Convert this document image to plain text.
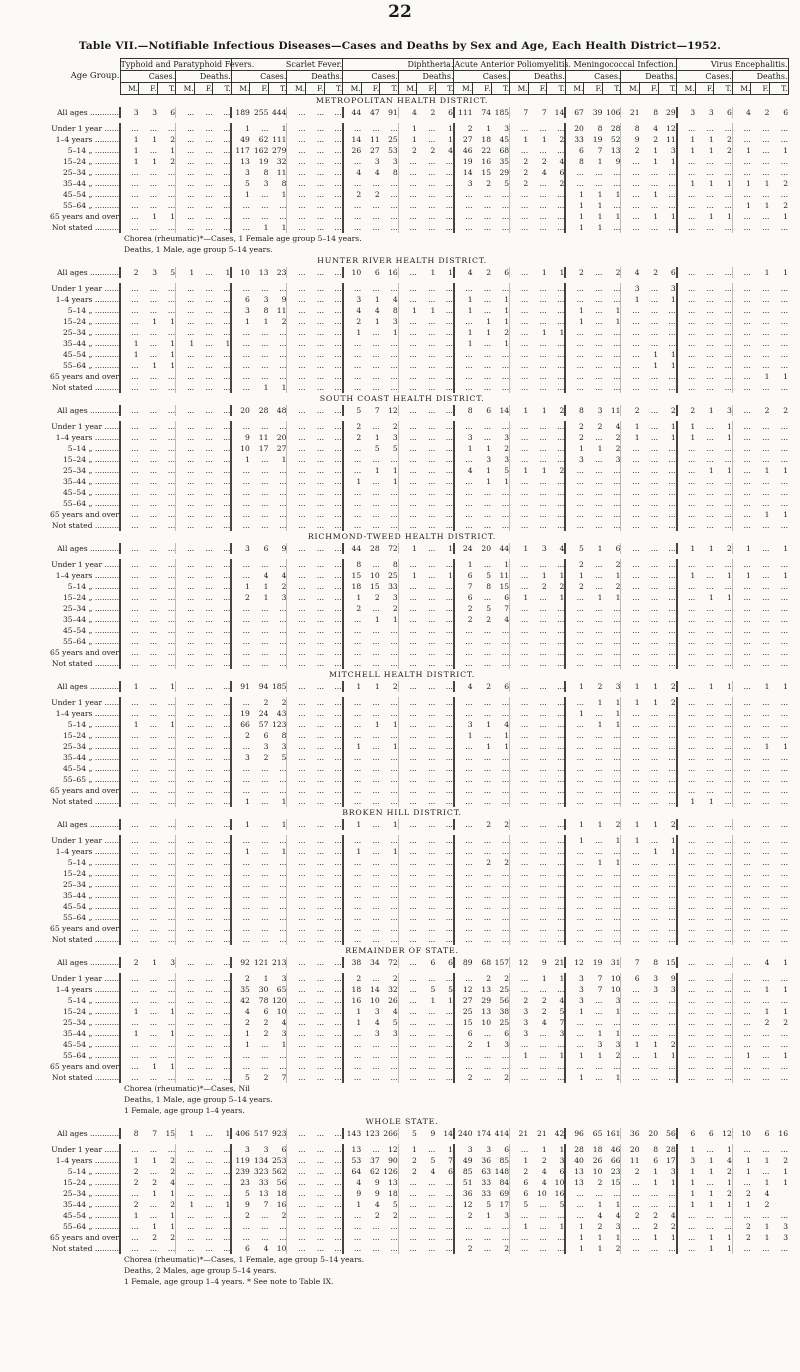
22
Table VII.—Notifiable Infectious Diseases—Cases and Deaths by Sex and Age, Each Health District—1952.
Age Group.	Typhoid and Paratyphoid Fevers.						Scarlet Fever.						Diphtheria.						Acute Anterior Poliomyelitis.						Meningococcal Infection.						Virus Encephalitis.					
	Cases.			Deaths.			Cases.			Deaths.			Cases.			Deaths.			Cases.			Deaths.			Cases.			Deaths.			Cases.			Deaths.		
	M.	F.	T.	M.	F.	T.	M.	F.	T.	M.	F.	T.	M.	F.	T.	M.	F.	T.	M.	F.	T.	M.	F.	T.	M.	F.	T.	M.	F.	T.	M.	F.	T.	M.	F.	T.
METROPOLITAN HEALTH DISTRICT.																																				
All ages ............	3	3	6	...	...	...	189	255	444	...	...	...	44	47	91	4	2	6	111	74	185	7	7	14	67	39	106	21	8	29	3	3	6	4	2	6

Under 1 year ......	...	...	...	...	...	...	1	...	1	...	...	...	...	...	...	1	...	1	2	1	3	...	...	...	20	8	28	8	4	12	...	...	...	...	...	...
1–4 years ..........	1	1	2	...	...	...	49	62	111	...	...	...	14	11	25	1	...	1	27	18	45	1	1	2	33	19	52	9	2	11	1	1	2	...	...	...
5–14 „ ..........	1	...	1	...	...	...	117	162	279	...	...	...	26	27	53	2	2	4	46	22	68	...	...	...	6	7	13	2	1	3	1	1	2	1	...	1
15–24 „ ..........	1	1	2	...	...	...	13	19	32	...	...	...	...	3	3	...	...	...	19	16	35	2	2	4	8	1	9	...	1	1	...	...	...	...	...	...
25–34 „ ..........	...	...	...	...	...	...	3	8	11	...	...	...	4	4	8	...	...	...	14	15	29	2	4	6	...	...	...	...	...	...	...	...	...	...	...	...
35–44 „ ..........	...	...	...	...	...	...	5	3	8	...	...	...	...	...	...	...	...	...	3	2	5	2	...	2	...	...	...	...	...	...	1	1	1	1	1	2
45–54 „ ..........	...	...	...	...	...	...	1	...	1	...	...	...	2	2	...	...	...	...	...	...	...	...	...	...	1	1	1	...	1	...	...	...	...	...	...	...
55–64 „ ..........	...	...	...	...	...	...	...	...	...	...	...	...	...	...	...	...	...	...	...	...	...	...	...	...	1	1	...	...	...	...	...	...	...	1	1	2
65 years and over	...	1	1	...	...	...	...	...	...	...	...	...	...	...	...	...	...	...	...	...	...	...	...	...	1	1	1	...	1	1	...	1	1	...	...	1
Not stated ..........	...	...	...	...	...	...	...	1	1	...	...	...	...	...	...	...	...	...	...	...	...	...	...	...	1	1	...	...	...	...	...	...	...	...	...	...
Chorea (rheumatic)*—Cases, 1 Female age group 5–14 years.																																				
Deaths, 1 Male, age group 5–14 years.																																				
HUNTER RIVER HEALTH DISTRICT.																																				
All ages ............	2	3	5	1	...	1	10	13	23	...	...	...	10	6	16	...	1	1	4	2	6	...	1	1	2	...	2	4	2	6	...	...	...	...	1	1

Under 1 year ......	...	...	...	...	...	...	...	...	...	...	...	...	...	...	...	...	...	...	...	...	...	...	...	...	...	...	...	3	...	3	...	...	...	...	...	...
1–4 years ..........	...	...	...	...	...	...	6	3	9	...	...	...	3	1	4	...	...	...	1	...	1	...	...	...	...	...	...	1	...	1	...	...	...	...	...	...
5–14 „ ..........	...	...	...	...	...	...	3	8	11	...	...	...	4	4	8	1	1	...	1	...	1	...	...	...	1	...	1	...	...	...	...	...	...	...	...	...
15–24 „ ..........	...	1	1	...	...	...	1	1	2	...	...	...	2	1	3	...	...	...	...	1	1	...	...	...	1	...	1	...	...	...	...	...	...	...	...	...
25–34 „ ..........	...	...	...	...	...	...	...	...	...	...	...	...	1	...	1	...	...	...	1	1	2	...	1	1	...	...	...	...	...	...	...	...	...	...	...	...
35–44 „ ..........	1	...	1	1	...	1	...	...	...	...	...	...	...	...	...	...	...	...	1	...	1	...	...	...	...	...	...	...	...	...	...	...	...	...	...	...
45–54 „ ..........	1	...	1	...	...	...	...	...	...	...	...	...	...	...	...	...	...	...	...	...	...	...	...	...	...	...	...	...	1	1	...	...	...	...	...	...
55–64 „ ..........	...	1	1	...	...	...	...	...	...	...	...	...	...	...	...	...	...	...	...	...	...	...	...	...	...	...	...	...	1	1	...	...	...	...	...	...
65 years and over	...	...	...	...	...	...	...	...	...	...	...	...	...	...	...	...	...	...	...	...	...	...	...	...	...	...	...	...	...	...	...	...	...	...	1	1
Not stated ..........	...	...	...	...	...	...	...	1	1	...	...	...	...	...	...	...	...	...	...	...	...	...	...	...	...	...	...	...	...	...	...	...	...	...	...	...
SOUTH COAST HEALTH DISTRICT.																																				
All ages ............	...	...	...	...	...	...	20	28	48	...	...	...	5	7	12	...	...	...	8	6	14	1	1	2	8	3	11	2	...	2	2	1	3	...	2	2

Under 1 year ......	...	...	...	...	...	...	...	...	...	...	...	...	2	...	2	...	...	...	...	...	...	...	...	...	2	2	4	1	...	1	1	...	1	...	...	...
1–4 years ..........	...	...	...	...	...	...	9	11	20	...	...	...	2	1	3	...	...	...	3	...	3	...	...	...	2	...	2	1	...	1	1	...	1	...	...	...
5–14 „ ..........	...	...	...	...	...	...	10	17	27	...	...	...	...	5	5	...	...	...	1	1	2	...	...	...	1	1	2	...	...	...	...	...	...	...	...	...
15–24 „ ..........	...	...	...	...	...	...	1	...	1	...	...	...	...	...	...	...	...	...	...	3	3	...	...	...	3	...	3	...	...	...	...	...	...	...	...	...
25–34 „ ..........	...	...	...	...	...	...	...	...	...	...	...	...	...	1	1	...	...	...	4	1	5	1	1	2	...	...	...	...	...	...	...	1	1	...	1	1
35–44 „ ..........	...	...	...	...	...	...	...	...	...	...	...	...	1	...	1	...	...	...	...	1	1	...	...	...	...	...	...	...	...	...	...	...	...	...	...	...
45–54 „ ..........	...	...	...	...	...	...	...	...	...	...	...	...	...	...	...	...	...	...	...	...	...	...	...	...	...	...	...	...	...	...	...	...	...	...	...	...
55–64 „ ..........	...	...	...	...	...	...	...	...	...	...	...	...	...	...	...	...	...	...	...	...	...	...	...	...	...	...	...	...	...	...	...	...	...	...	...	...
65 years and over	...	...	...	...	...	...	...	...	...	...	...	...	...	...	...	...	...	...	...	...	...	...	...	...	...	...	...	...	...	...	...	...	...	...	1	1
Not stated ..........	...	...	...	...	...	...	...	...	...	...	...	...	...	...	...	...	...	...	...	...	...	...	...	...	...	...	...	...	...	...	...	...	...	...	...	...
RICHMOND-TWEED HEALTH DISTRICT.																																				
All ages ............	...	...	...	...	...	...	3	6	9	...	...	...	44	28	72	1	...	1	24	20	44	1	3	4	5	1	6	...	...	...	1	1	2	1	...	1

Under 1 year ......	...	...	...	...	...	...	...	...	...	...	...	...	8	...	8	...	...	...	1	...	1	...	...	...	2	...	2	...	...	...	...	...	...	...	...	...
1–4 years ..........	...	...	...	...	...	...	...	4	4	...	...	...	15	10	25	1	...	1	6	5	11	...	1	1	1	...	1	...	...	...	1	...	1	1	...	1
5–14 „ ..........	...	...	...	...	...	...	1	1	2	...	...	...	18	15	33	...	...	...	7	8	15	...	2	2	2	...	2	...	...	...	...	...	...	...	...	...
15–24 „ ..........	...	...	...	...	...	...	2	1	3	...	...	...	1	2	3	...	...	...	6	...	6	1	...	1	...	1	1	...	...	...	...	1	1	...	...	...
25–34 „ ..........	...	...	...	...	...	...	...	...	...	...	...	...	2	...	2	...	...	...	2	5	7	...	...	...	...	...	...	...	...	...	...	...	...	...	...	...
35–44 „ ..........	...	...	...	...	...	...	...	...	...	...	...	...	...	1	1	...	...	...	2	2	4	...	...	...	...	...	...	...	...	...	...	...	...	...	...	...
45–54 „ ..........	...	...	...	...	...	...	...	...	...	...	...	...	...	...	...	...	...	...	...	...	...	...	...	...	...	...	...	...	...	...	...	...	...	...	...	...
55–64 „ ..........	...	...	...	...	...	...	...	...	...	...	...	...	...	...	...	...	...	...	...	...	...	...	...	...	...	...	...	...	...	...	...	...	...	...	...	...
65 years and over	...	...	...	...	...	...	...	...	...	...	...	...	...	...	...	...	...	...	...	...	...	...	...	...	...	...	...	...	...	...	...	...	...	...	...	...
Not stated ..........	...	...	...	...	...	...	...	...	...	...	...	...	...	...	...	...	...	...	...	...	...	...	...	...	...	...	...	...	...	...	...	...	...	...	...	...
MITCHELL HEALTH DISTRICT.																																				
All ages ............	1	...	1	...	...	...	91	94	185	...	...	...	1	1	2	...	...	...	4	2	6	...	...	...	1	2	3	1	1	2	...	1	1	...	1	1

Under 1 year ......	...	...	...	...	...	...	...	2	2	...	...	...	...	...	...	...	...	...	...	...	...	...	...	...	...	1	1	1	1	2	...	...	...	...	...	...
1–4 years ..........	...	...	...	...	...	...	19	24	43	...	...	...	...	...	...	...	...	...	...	...	...	...	...	...	1	...	1	...	...	...	...	...	...	...	...	...
5–14 „ ..........	1	...	1	...	...	...	66	57	123	...	...	...	...	1	1	...	...	...	3	1	4	...	...	...	...	1	1	...	...	...	...	...	...	...	...	...
15–24 „ ..........	...	...	...	...	...	...	2	6	8	...	...	...	...	...	...	...	...	...	1	...	1	...	...	...	...	...	...	...	...	...	...	...	...	...	...	...
25–34 „ ..........	...	...	...	...	...	...	...	3	3	...	...	...	1	...	1	...	...	...	...	1	1	...	...	...	...	...	...	...	...	...	...	...	...	...	1	1
35–44 „ ..........	...	...	...	...	...	...	3	2	5	...	...	...	...	...	...	...	...	...	...	...	...	...	...	...	...	...	...	...	...	...	...	...	...	...	...	...
45–54 „ ..........	...	...	...	...	...	...	...	...	...	...	...	...	...	...	...	...	...	...	...	...	...	...	...	...	...	...	...	...	...	...	...	...	...	...	...	...
55–65 „ ..........	...	...	...	...	...	...	...	...	...	...	...	...	...	...	...	...	...	...	...	...	...	...	...	...	...	...	...	...	...	...	...	...	...	...	...	...
65 years and over	...	...	...	...	...	...	...	...	...	...	...	...	...	...	...	...	...	...	...	...	...	...	...	...	...	...	...	...	...	...	...	...	...	...	...	...
Not stated ..........	...	...	...	...	...	...	1	...	1	...	...	...	...	...	...	...	...	...	...	...	...	...	...	...	...	...	...	...	...	...	1	1	...	...	...	...
BROKEN HILL DISTRICT.																																				
All ages ............	...	...	...	...	...	...	1	...	1	...	...	...	1	...	1	...	...	...	...	2	2	...	...	...	1	1	2	1	1	2	...	...	...	...	...	...

Under 1 year ......	...	...	...	...	...	...	...	...	...	...	...	...	...	...	...	...	...	...	...	...	...	...	...	...	1	...	1	1	...	1	...	...	...	...	...	...
1–4 years ..........	...	...	...	...	...	...	1	...	1	...	...	...	1	...	1	...	...	...	...	...	...	...	...	...	...	...	...	...	1	1	...	...	...	...	...	...
5–14 „ ..........	...	...	...	...	...	...	...	...	...	...	...	...	...	...	...	...	...	...	...	2	2	...	...	...	...	1	1	...	...	...	...	...	...	...	...	...
15–24 „ ..........	...	...	...	...	...	...	...	...	...	...	...	...	...	...	...	...	...	...	...	...	...	...	...	...	...	...	...	...	...	...	...	...	...	...	...	...
25–34 „ ..........	...	...	...	...	...	...	...	...	...	...	...	...	...	...	...	...	...	...	...	...	...	...	...	...	...	...	...	...	...	...	...	...	...	...	...	...
35–44 „ ..........	...	...	...	...	...	...	...	...	...	...	...	...	...	...	...	...	...	...	...	...	...	...	...	...	...	...	...	...	...	...	...	...	...	...	...	...
45–54 „ ..........	...	...	...	...	...	...	...	...	...	...	...	...	...	...	...	...	...	...	...	...	...	...	...	...	...	...	...	...	...	...	...	...	...	...	...	...
55–64 „ ..........	...	...	...	...	...	...	...	...	...	...	...	...	...	...	...	...	...	...	...	...	...	...	...	...	...	...	...	...	...	...	...	...	...	...	...	...
65 years and over	...	...	...	...	...	...	...	...	...	...	...	...	...	...	...	...	...	...	...	...	...	...	...	...	...	...	...	...	...	...	...	...	...	...	...	...
Not stated ..........	...	...	...	...	...	...	...	...	...	...	...	...	...	...	...	...	...	...	...	...	...	...	...	...	...	...	...	...	...	...	...	...	...	...	...	...
REMAINDER OF STATE.																																				
All ages ............	2	1	3	...	...	...	92	121	213	...	...	...	38	34	72	...	6	6	89	68	157	12	9	21	12	19	31	7	8	15	...	...	...	...	4	1

Under 1 year ......	...	...	...	...	...	...	2	1	3	...	...	...	2	...	2	...	...	...	...	2	2	...	1	1	3	7	10	6	3	9	...	...	...	...	...	...
1–4 years ..........	...	...	...	...	...	...	35	30	65	...	...	...	18	14	32	...	5	5	12	13	25	...	...	...	3	7	10	...	3	3	...	...	...	...	1	1
5–14 „ ..........	...	...	...	...	...	...	42	78	120	...	...	...	16	10	26	...	1	1	27	29	56	2	2	4	3	...	3	...	...	...	...	...	...	...	...	...
15–24 „ ..........	1	...	1	...	...	...	4	6	10	...	...	...	1	3	4	...	...	...	25	13	38	3	2	5	1	...	1	...	...	...	...	...	...	...	1	1
25–34 „ ..........	...	...	...	...	...	...	2	2	4	...	...	...	1	4	5	...	...	...	15	10	25	3	4	7	...	...	...	...	...	...	...	...	...	...	2	2
35–44 „ ..........	1	...	1	...	...	...	1	2	3	...	...	...	...	3	3	...	...	...	6	...	6	3	...	3	...	1	1	...	...	...	...	...	...	...	...	...
45–54 „ ..........	...	...	...	...	...	...	1	...	1	...	...	...	...	...	...	...	...	...	2	1	3	...	...	...	...	3	3	1	1	2	...	...	...	...	...	...
55–64 „ ..........	...	...	...	...	...	...	...	...	...	...	...	...	...	...	...	...	...	...	...	...	...	1	...	1	1	1	2	...	1	1	...	...	...	1	...	1
65 years and over	...	1	1	...	...	...	...	...	...	...	...	...	...	...	...	...	...	...	...	...	...	...	...	...	...	...	...	...	...	...	...	...	...	...	...	...
Not stated ..........	...	...	...	...	...	...	5	2	7	...	...	...	...	...	...	...	...	...	2	...	2	...	...	...	1	...	1	...	...	...	...	...	...	...	...	...
Chorea (rheumatic)*—Cases, Nil																																				
Deaths, 1 Male, age group 5–14 years.																																				
1 Female, age group 1–4 years.																																				
WHOLE STATE.																																				
All ages ............	8	7	15	1	...	1	406	517	923	...	...	...	143	123	266	5	9	14	240	174	414	21	21	42	96	65	161	36	20	56	6	6	12	10	6	16

Under 1 year ......	...	...	...	...	...	...	3	3	6	...	...	...	13	...	12	1	...	1	3	3	6	...	1	1	28	18	46	20	8	28	1	...	1	...	...	...
1–4 years ..........	1	1	2	...	...	...	119	134	253	...	...	...	53	37	90	2	5	7	49	36	85	1	2	3	40	26	66	11	6	17	3	1	4	1	1	2
5–14 „ ..........	2	...	2	...	...	...	239	323	562	...	...	...	64	62	126	2	4	6	85	63	148	2	4	6	13	10	23	2	1	3	1	1	2	1	...	1
15–24 „ ..........	2	2	4	...	...	...	23	33	56	...	...	...	4	9	13	...	...	...	51	33	84	6	4	10	13	2	15	...	1	1	1	...	1	...	1	1
25–34 „ ..........	...	1	1	...	...	...	5	13	18	...	...	...	9	9	18	...	...	...	36	33	69	6	10	16	...	...	...	...	...	...	1	1	2	2	4	
35–44 „ ..........	2	...	2	1	...	1	9	7	16	...	...	...	1	4	5	...	...	...	12	5	17	5	...	5	...	1	1	...	...	...	1	1	1	1	2	
45–54 „ ..........	1	...	1	...	...	...	2	...	2	...	...	...	...	2	2	...	...	...	2	1	3	...	...	...	...	4	4	2	2	4	...	...	...	...	...	...
55–64 „ ..........	...	1	1	...	...	...	...	...	...	...	...	...	...	...	...	...	...	...	...	...	...	1	...	1	1	2	3	...	2	2	...	...	...	2	1	3
65 years and over	...	2	2	...	...	...	...	...	...	...	...	...	...	...	...	...	...	...	...	...	...	...	...	...	1	1	1	...	1	1	...	1	1	2	1	3
Not stated ..........	...	...	...	...	...	...	6	4	10	...	...	...	...	...	...	...	...	...	2	...	2	...	...	...	1	1	2	...	...	...	...	1	1	...	...	...
Chorea (rheumatic)*—Cases, 1 Female, age group 5–14 years.																																				
Deaths, 2 Males, age group 5–14 years.																																				
1 Female, age group 1–4 years. * See note to Table IX.																																				
